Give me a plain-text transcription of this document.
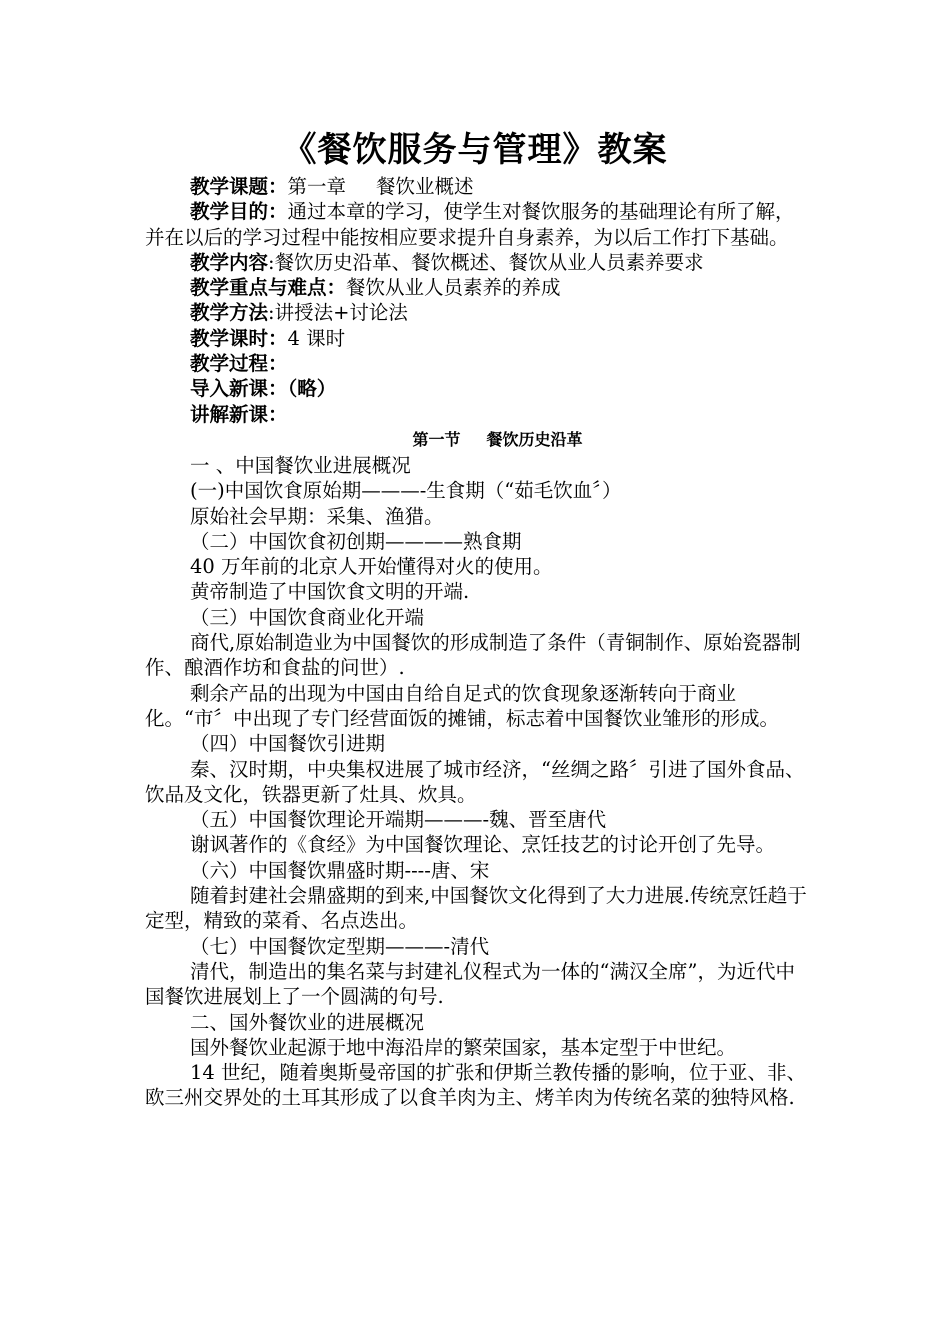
《餐饮服务与管理》教案

教学课题：第一章 餐饮业概述

教学目的：通过本章的学习，使学生对餐饮服务的基础理论有所了解，并在以后的学习过程中能按相应要求提升自身素养，为以后工作打下基础。

教学内容:餐饮历史沿革、餐饮概述、餐饮从业人员素养要求

教学重点与难点：餐饮从业人员素养的养成

教学方法:讲授法+讨论法

教学课时：4 课时

教学过程：

导入新课：（略）

讲解新课：

第一节 餐饮历史沿革

一 、中国餐饮业进展概况

(一)中国饮食原始期———-生食期（“茹毛饮血〞）

原始社会早期：采集、渔猎。

（二）中国饮食初创期————熟食期

40 万年前的北京人开始懂得对火的使用。

黄帝制造了中国饮食文明的开端.

（三）中国饮食商业化开端

商代,原始制造业为中国餐饮的形成制造了条件（青铜制作、原始瓷器制作、酿酒作坊和食盐的问世）.

剩余产品的出现为中国由自给自足式的饮食现象逐渐转向于商业化。“市〞中出现了专门经营面饭的摊铺，标志着中国餐饮业雏形的形成。

（四）中国餐饮引进期

秦、汉时期，中央集权进展了城市经济，“丝绸之路〞引进了国外食品、饮品及文化，铁器更新了灶具、炊具。

（五）中国餐饮理论开端期———-魏、晋至唐代

谢讽著作的《食经》为中国餐饮理论、烹饪技艺的讨论开创了先导。

（六）中国餐饮鼎盛时期----唐、宋

随着封建社会鼎盛期的到来,中国餐饮文化得到了大力进展.传统烹饪趋于定型，精致的菜肴、名点迭出。

（七）中国餐饮定型期———-清代

清代，制造出的集名菜与封建礼仪程式为一体的“满汉全席”，为近代中国餐饮进展划上了一个圆满的句号.

二、国外餐饮业的进展概况

国外餐饮业起源于地中海沿岸的繁荣国家，基本定型于中世纪。

14 世纪，随着奥斯曼帝国的扩张和伊斯兰教传播的影响，位于亚、非、欧三州交界处的土耳其形成了以食羊肉为主、烤羊肉为传统名菜的独特风格.
